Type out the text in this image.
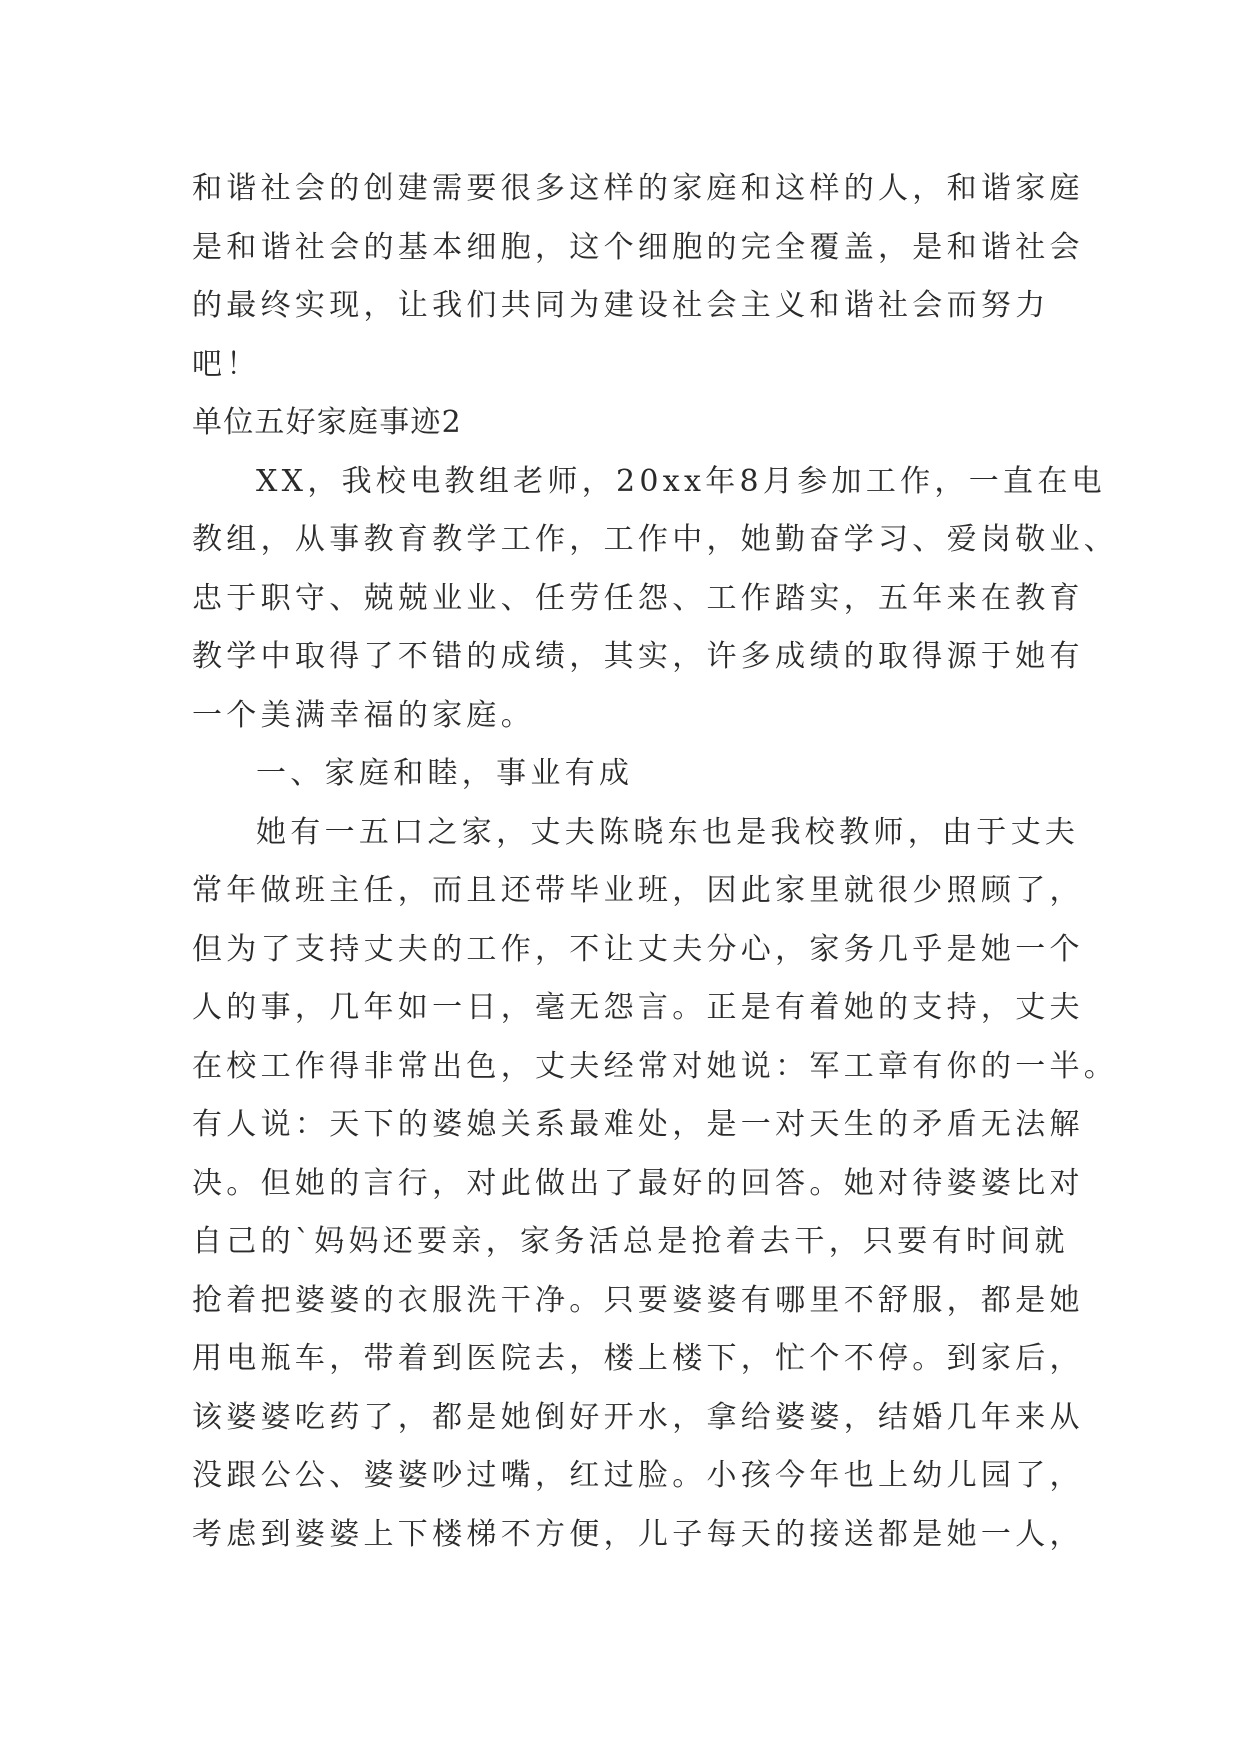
和谐社会的创建需要很多这样的家庭和这样的人，和谐家庭
是和谐社会的基本细胞，这个细胞的完全覆盖，是和谐社会
的最终实现，让我们共同为建设社会主义和谐社会而努力
吧！
单位五好家庭事迹2
XX，我校电教组老师，20xx年8月参加工作，一直在电
教组，从事教育教学工作，工作中，她勤奋学习、爱岗敬业、
忠于职守、兢兢业业、任劳任怨、工作踏实，五年来在教育
教学中取得了不错的成绩，其实，许多成绩的取得源于她有
一个美满幸福的家庭。
一、家庭和睦，事业有成
她有一五口之家，丈夫陈晓东也是我校教师，由于丈夫
常年做班主任，而且还带毕业班，因此家里就很少照顾了，
但为了支持丈夫的工作，不让丈夫分心，家务几乎是她一个
人的事，几年如一日，毫无怨言。正是有着她的支持，丈夫
在校工作得非常出色，丈夫经常对她说：军工章有你的一半。
有人说：天下的婆媳关系最难处，是一对天生的矛盾无法解
决。但她的言行，对此做出了最好的回答。她对待婆婆比对
自己的`妈妈还要亲，家务活总是抢着去干，只要有时间就
抢着把婆婆的衣服洗干净。只要婆婆有哪里不舒服，都是她
用电瓶车，带着到医院去，楼上楼下，忙个不停。到家后，
该婆婆吃药了，都是她倒好开水，拿给婆婆，结婚几年来从
没跟公公、婆婆吵过嘴，红过脸。小孩今年也上幼儿园了，
考虑到婆婆上下楼梯不方便，儿子每天的接送都是她一人，
